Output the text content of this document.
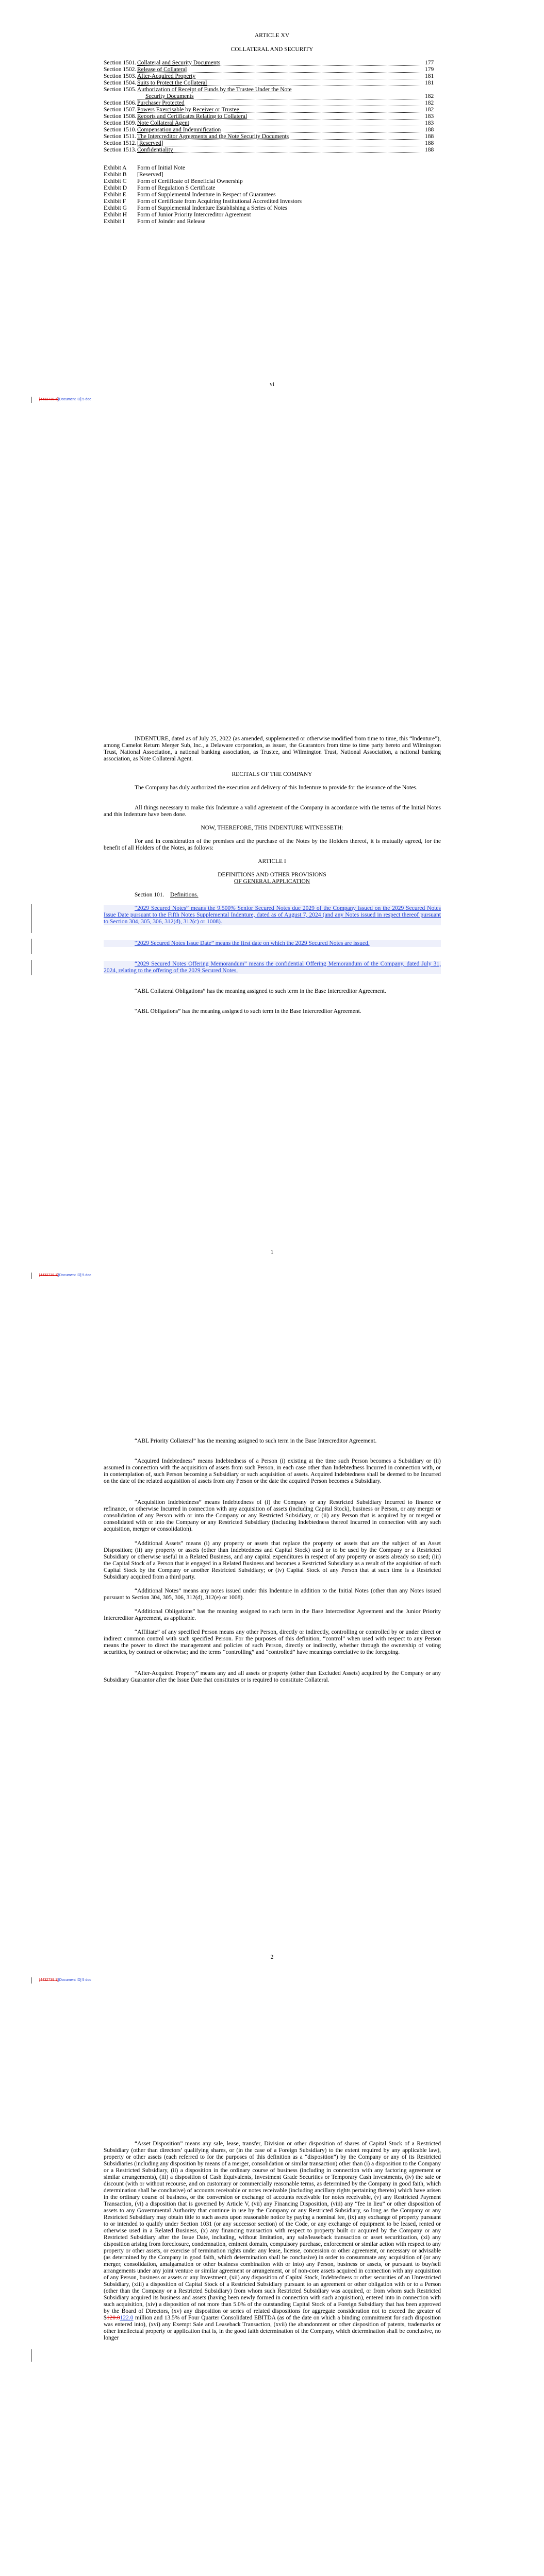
ARTICLE XV
COLLATERAL AND SECURITY
Section 1501. Collateral and Security Documents	177
Section 1502. Release of Collateral	179
Section 1503. After-Acquired Property	181
Section 1504. Suits to Protect the Collateral	181
Section 1505. Authorization of Receipt of Funds by the Trustee Under the Note
Security Documents	182
Section 1506. Purchaser Protected	182
Section 1507. Powers Exercisable by Receiver or Trustee	182
Section 1508. Reports and Certificates Relating to Collateral	183
Section 1509. Note Collateral Agent	183
Section 1510. Compensation and Indemnification	188
Section 1511. The Intercreditor Agreements and the Note Security Documents	188
Section 1512. [Reserved]	188
Section 1513. Confidentiality	188
Exhibit A Form of Initial Note
Exhibit B [Reserved]
Exhibit C Form of Certificate of Beneficial Ownership
Exhibit D Form of Regulation S Certificate
Exhibit E Form of Supplemental Indenture in Respect of Guarantees
Exhibit F Form of Certificate from Acquiring Institutional Accredited Investors
Exhibit G Form of Supplemental Indenture Establishing a Series of Notes
Exhibit H Form of Junior Priority Intercreditor Agreement
Exhibit I Form of Joinder and Release
vi
[4432739.1][Document ID] 5 doc

INDENTURE, dated as of July 25, 2022 (as amended, supplemented or otherwise modified from time to time, this “Indenture”), among Camelot Return Merger Sub, Inc., a Delaware corporation, as issuer, the Guarantors from time to time party hereto and Wilmington Trust, National Association, a national banking association, as Trustee, and Wilmington Trust, National Association, a national banking association, as Note Collateral Agent.

RECITALS OF THE COMPANY

The Company has duly authorized the execution and delivery of this Indenture to provide for the issuance of the Notes.

All things necessary to make this Indenture a valid agreement of the Company in accordance with the terms of the Initial Notes and this Indenture have been done.

NOW, THEREFORE, THIS INDENTURE WITNESSETH:

For and in consideration of the premises and the purchase of the Notes by the Holders thereof, it is mutually agreed, for the benefit of all Holders of the Notes, as follows:

ARTICLE I
DEFINITIONS AND OTHER PROVISIONS
OF GENERAL APPLICATION
Section 101. Definitions.

“2029 Secured Notes” means the 9.500% Senior Secured Notes due 2029 of the Company issued on the 2029 Secured Notes Issue Date pursuant to the Fifth Notes Supplemental Indenture, dated as of August 7, 2024 (and any Notes issued in respect thereof pursuant to Section 304, 305, 306, 312(d), 312(c) or 1008).

“2029 Secured Notes Issue Date” means the first date on which the 2029 Secured Notes are issued.

“2029 Secured Notes Offering Memorandum” means the confidential Offering Memorandum of the Company, dated July 31, 2024, relating to the offering of the 2029 Secured Notes.

“ABL Collateral Obligations” has the meaning assigned to such term in the Base Intercreditor Agreement.

“ABL Obligations” has the meaning assigned to such term in the Base Intercreditor Agreement.

1
[4432739.1][Document ID] 5 doc

“ABL Priority Collateral” has the meaning assigned to such term in the Base Intercreditor Agreement.

“Acquired Indebtedness” means Indebtedness of a Person (i) existing at the time such Person becomes a Subsidiary or (ii) assumed in connection with the acquisition of assets from such Person, in each case other than Indebtedness Incurred in connection with, or in contemplation of, such Person becoming a Subsidiary or such acquisition of assets. Acquired Indebtedness shall be deemed to be Incurred on the date of the related acquisition of assets from any Person or the date the acquired Person becomes a Subsidiary.

“Acquisition Indebtedness” means Indebtedness of (i) the Company or any Restricted Subsidiary Incurred to finance or refinance, or otherwise Incurred in connection with any acquisition of assets (including Capital Stock), business or Person, or any merger or consolidation of any Person with or into the Company or any Restricted Subsidiary, or (ii) any Person that is acquired by or merged or consolidated with or into the Company or any Restricted Subsidiary (including Indebtedness thereof Incurred in connection with any such acquisition, merger or consolidation).

“Additional Assets” means (i) any property or assets that replace the property or assets that are the subject of an Asset Disposition; (ii) any property or assets (other than Indebtedness and Capital Stock) used or to be used by the Company or a Restricted Subsidiary or otherwise useful in a Related Business, and any capital expenditures in respect of any property or assets already so used; (iii) the Capital Stock of a Person that is engaged in a Related Business and becomes a Restricted Subsidiary as a result of the acquisition of such Capital Stock by the Company or another Restricted Subsidiary; or (iv) Capital Stock of any Person that at such time is a Restricted Subsidiary acquired from a third party.

“Additional Notes” means any notes issued under this Indenture in addition to the Initial Notes (other than any Notes issued pursuant to Section 304, 305, 306, 312(d), 312(e) or 1008).

“Additional Obligations” has the meaning assigned to such term in the Base Intercreditor Agreement and the Junior Priority Intercreditor Agreement, as applicable.

“Affiliate” of any specified Person means any other Person, directly or indirectly, controlling or controlled by or under direct or indirect common control with such specified Person. For the purposes of this definition, “control” when used with respect to any Person means the power to direct the management and policies of such Person, directly or indirectly, whether through the ownership of voting securities, by contract or otherwise; and the terms “controlling” and “controlled” have meanings correlative to the foregoing.

“After-Acquired Property” means any and all assets or property (other than Excluded Assets) acquired by the Company or any Subsidiary Guarantor after the Issue Date that constitutes or is required to constitute Collateral.

2
[4432739.1][Document ID] 5 doc

“Asset Disposition” means any sale, lease, transfer, Division or other disposition of shares of Capital Stock of a Restricted Subsidiary (other than directors’ qualifying shares, or (in the case of a Foreign Subsidiary) to the extent required by any applicable law), property or other assets (each referred to for the purposes of this definition as a “disposition”) by the Company or any of its Restricted Subsidiaries (including any disposition by means of a merger, consolidation or similar transaction) other than (i) a disposition to the Company or a Restricted Subsidiary, (ii) a disposition in the ordinary course of business (including in connection with any factoring agreement or similar arrangements), (iii) a disposition of Cash Equivalents, Investment Grade Securities or Temporary Cash Investments, (iv) the sale or discount (with or without recourse, and on customary or commercially reasonable terms, as determined by the Company in good faith, which determination shall be conclusive) of accounts receivable or notes receivable (including ancillary rights pertaining thereto) which have arisen in the ordinary course of business, or the conversion or exchange of accounts receivable for notes receivable, (v) any Restricted Payment Transaction, (vi) a disposition that is governed by Article V, (vii) any Financing Disposition, (viii) any “fee in lieu” or other disposition of assets to any Governmental Authority that continue in use by the Company or any Restricted Subsidiary, so long as the Company or any Restricted Subsidiary may obtain title to such assets upon reasonable notice by paying a nominal fee, (ix) any exchange of property pursuant to or intended to qualify under Section 1031 (or any successor section) of the Code, or any exchange of equipment to be leased, rented or otherwise used in a Related Business, (x) any financing transaction with respect to property built or acquired by the Company or any Restricted Subsidiary after the Issue Date, including, without limitation, any sale/leaseback transaction or asset securitization, (xi) any disposition arising from foreclosure, condemnation, eminent domain, compulsory purchase, enforcement or similar action with respect to any property or other assets, or exercise of termination rights under any lease, license, concession or other agreement, or necessary or advisable (as determined by the Company in good faith, which determination shall be conclusive) in order to consummate any acquisition of (or any merger, consolidation, amalgamation or other business combination with or into) any Person, business or assets, or pursuant to buy/sell arrangements under any joint venture or similar agreement or arrangement, or of non-core assets acquired in connection with any acquisition of any Person, business or assets or any Investment, (xii) any disposition of Capital Stock, Indebtedness or other securities of an Unrestricted Subsidiary, (xiii) a disposition of Capital Stock of a Restricted Subsidiary pursuant to an agreement or other obligation with or to a Person (other than the Company or a Restricted Subsidiary) from whom such Restricted Subsidiary was acquired, or from whom such Restricted Subsidiary acquired its business and assets (having been newly formed in connection with such acquisition), entered into in connection with such acquisition, (xiv) a disposition of not more than 5.0% of the outstanding Capital Stock of a Foreign Subsidiary that has been approved by the Board of Directors, (xv) any disposition or series of related dispositions for aggregate consideration not to exceed the greater of $120.0122.0 million and 13.5% of Four Quarter Consolidated EBITDA (as of the date on which a binding commitment for such disposition was entered into), (xvi) any Exempt Sale and Leaseback Transaction, (xvii) the abandonment or other disposition of patents, trademarks or other intellectual property or application that is, in the good faith determination of the Company, which determination shall be conclusive, no longer
